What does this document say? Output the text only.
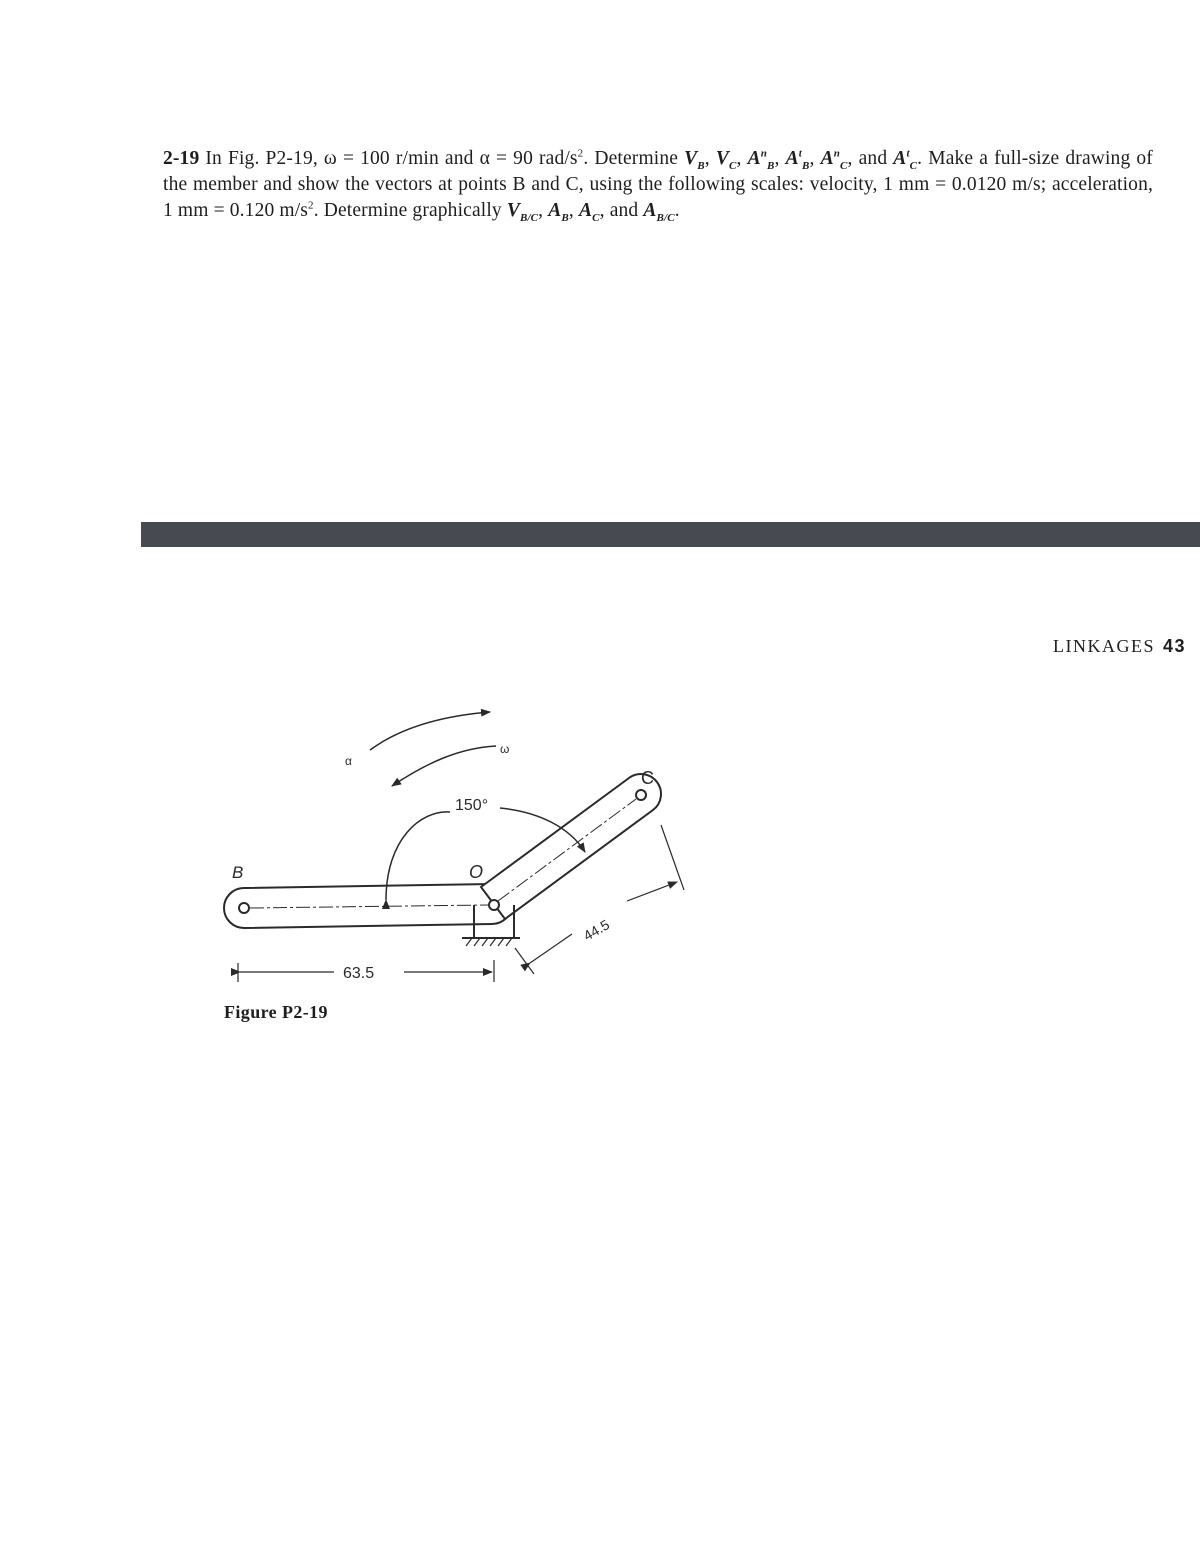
2-19 In Fig. P2-19, ω = 100 r/min and α = 90 rad/$s^2$. Determine $V_B$, $V_C$, $A^n_B$, $A^t_B$, $A^n_C$, and $A^t_C$. Make a full-size drawing of the member and show the vectors at points B and C, using the following scales: velocity, 1 mm = 0.0120 m/s; acceleration, 1 mm = 0.120 $m/s^2$. Determine graphically $V_{B/C}$, $A_B$, $A_C$, and $A_{B/C}$.
LINKAGES 43
B	O
C
α
ω
150°
63.5
44.5
Figure P2-19
